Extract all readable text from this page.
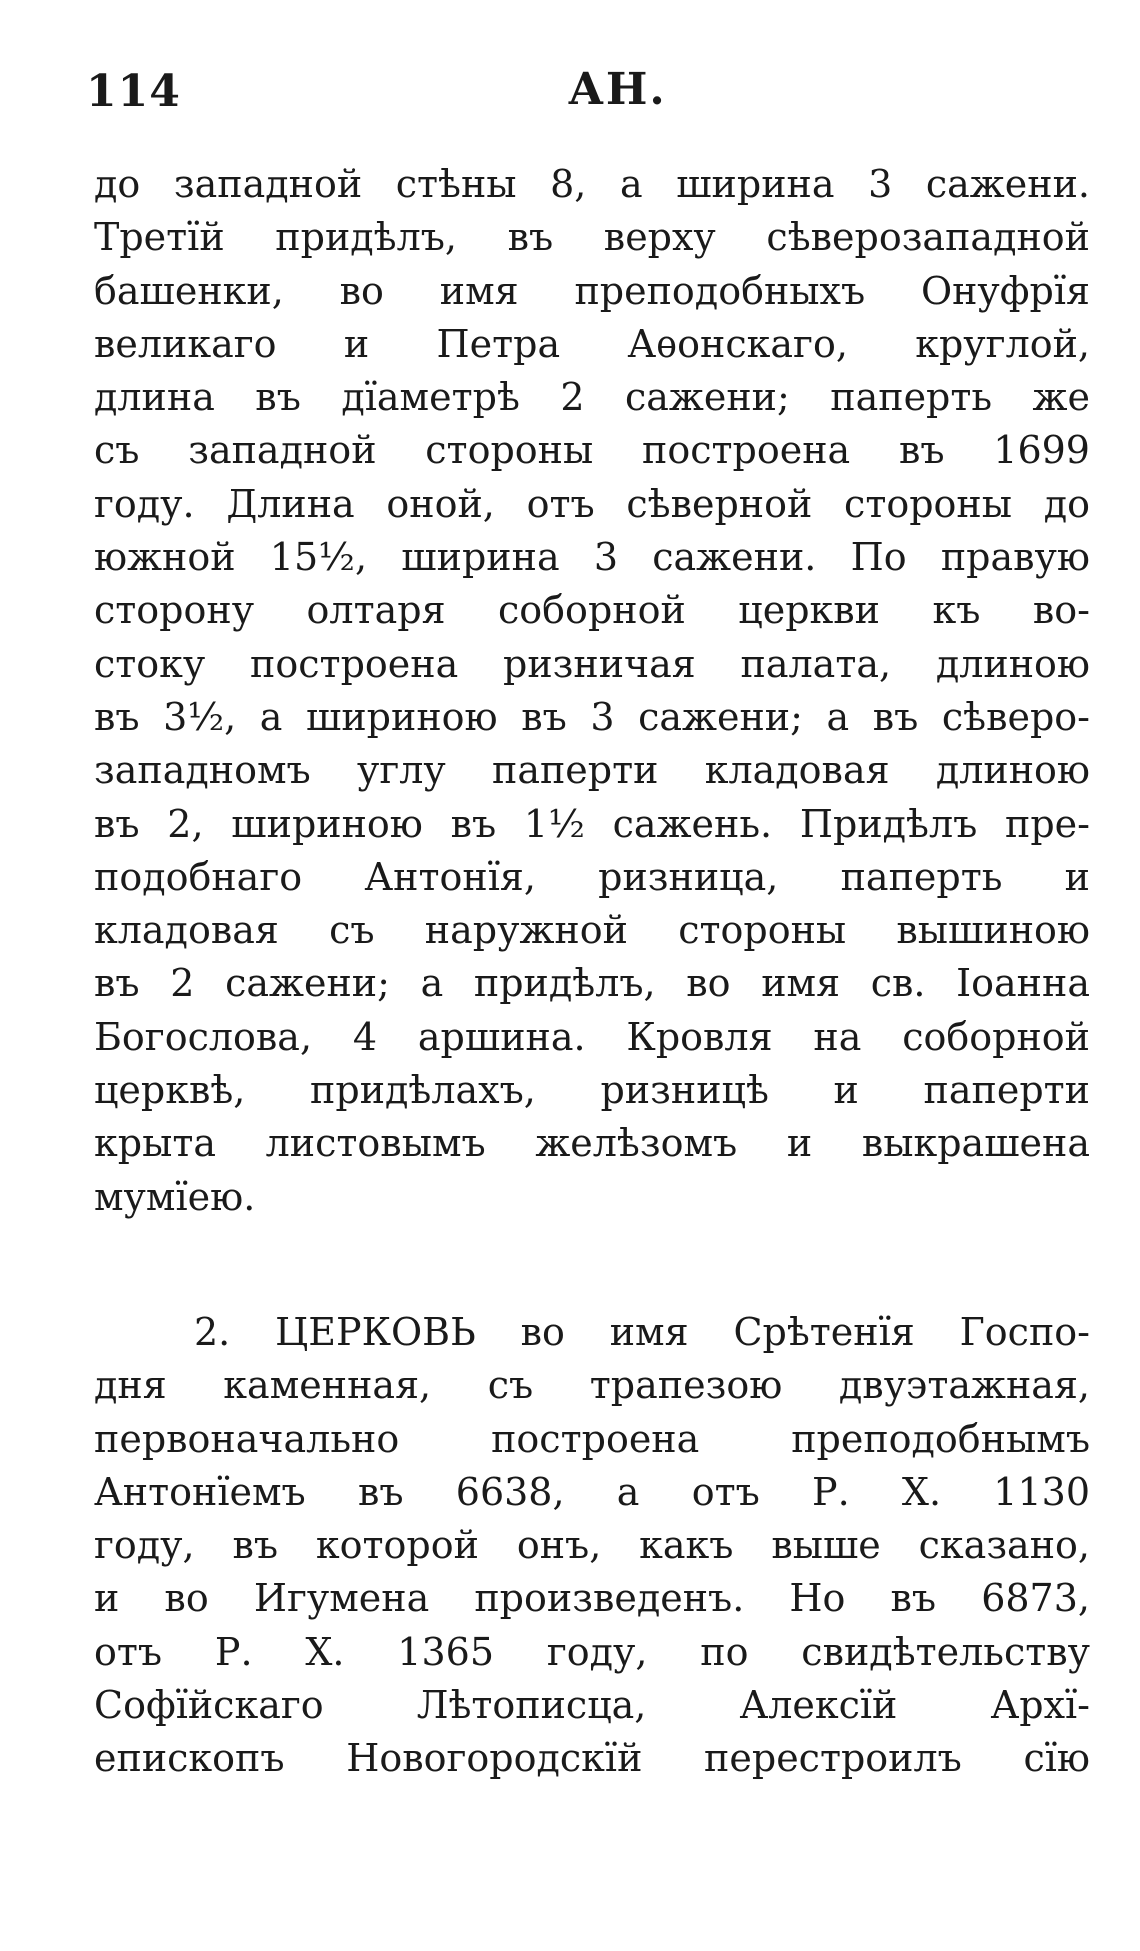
114	АН.
до западной стѣны 8, а ширина 3 сажени.
Третїй придѣлъ, въ верху сѣверозападной
башенки, во имя преподобныхъ Онуфрїя
великаго и Петра Аѳонскаго, круглой,
длина въ дїаметрѣ 2 сажени; паперть же
съ западной стороны построена въ 1699
году. Длина оной, отъ сѣверной стороны до
южной 15½, ширина 3 сажени. По правую
сторону олтаря соборной церкви къ во-
стоку построена ризничая палата, длиною
въ 3½, а шириною въ 3 сажени; а въ сѣверо-
западномъ углу паперти кладовая длиною
въ 2, шириною въ 1½ сажень. Придѣлъ пре-
подобнаго Антонїя, ризница, паперть и
кладовая съ наружной стороны вышиною
въ 2 сажени; а придѣлъ, во имя св. Іоанна
Богослова, 4 аршина. Кровля на соборной
церквѣ, придѣлахъ, ризницѣ и паперти
крыта листовымъ желѣзомъ и выкрашена
мумїею.
2. ЦЕРКОВЬ во имя Срѣтенїя Госпо-
дня каменная, съ трапезою двуэтажная,
первоначально построена преподобнымъ
Антонїемъ въ 6638, а отъ Р. Х. 1130
году, въ которой онъ, какъ выше сказано,
и во Игумена произведенъ. Но въ 6873,
отъ Р. Х. 1365 году, по свидѣтельству
Софїйскаго Лѣтописца, Алексїй Архї-
епископъ Новогородскїй перестроилъ сїю
